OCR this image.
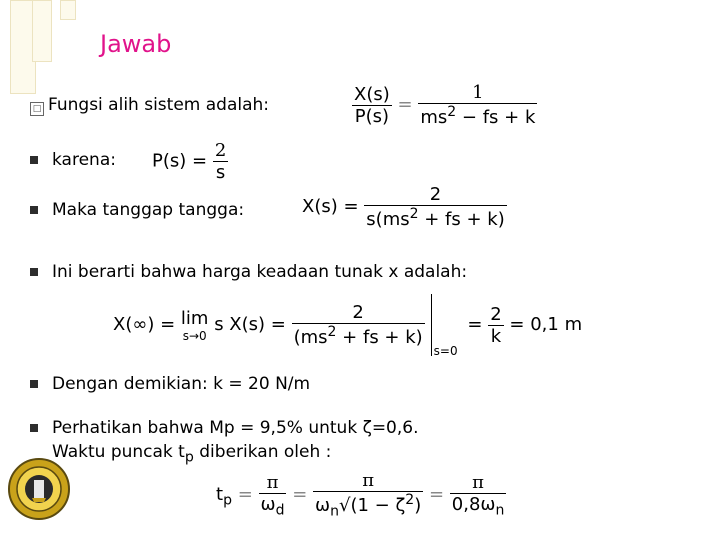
Jawab
□ Fungsi alih sistem adalah:	$\frac{X(s)}{P(s)} = \frac{1}{ms^2 - fs + k}$
karena: $P(s) = \frac{2}{s}$
Maka tanggap tangga:	$X(s) = \frac{2}{s(ms^2 + fs + k)}$
Ini berarti bahwa harga keadaan tunak x adalah:
X(∞) = lim
s→0
s $X(s) = \frac{2}{(ms^2 + fs + k)}$
s=0
= $\frac{2}{k} = 0,1$ m
Dengan demikian: k = 20 N/m
Perhatikan bahwa Mp = 9,5% untuk ζ=0,6.
Waktu puncak $t_p$ diberikan oleh :
$t_p = \frac{\pi}{\omega_d} = \frac{\pi}{\omega_n√(1 - \zeta^2)} = \frac{\pi}{0,8\omega_n}$
